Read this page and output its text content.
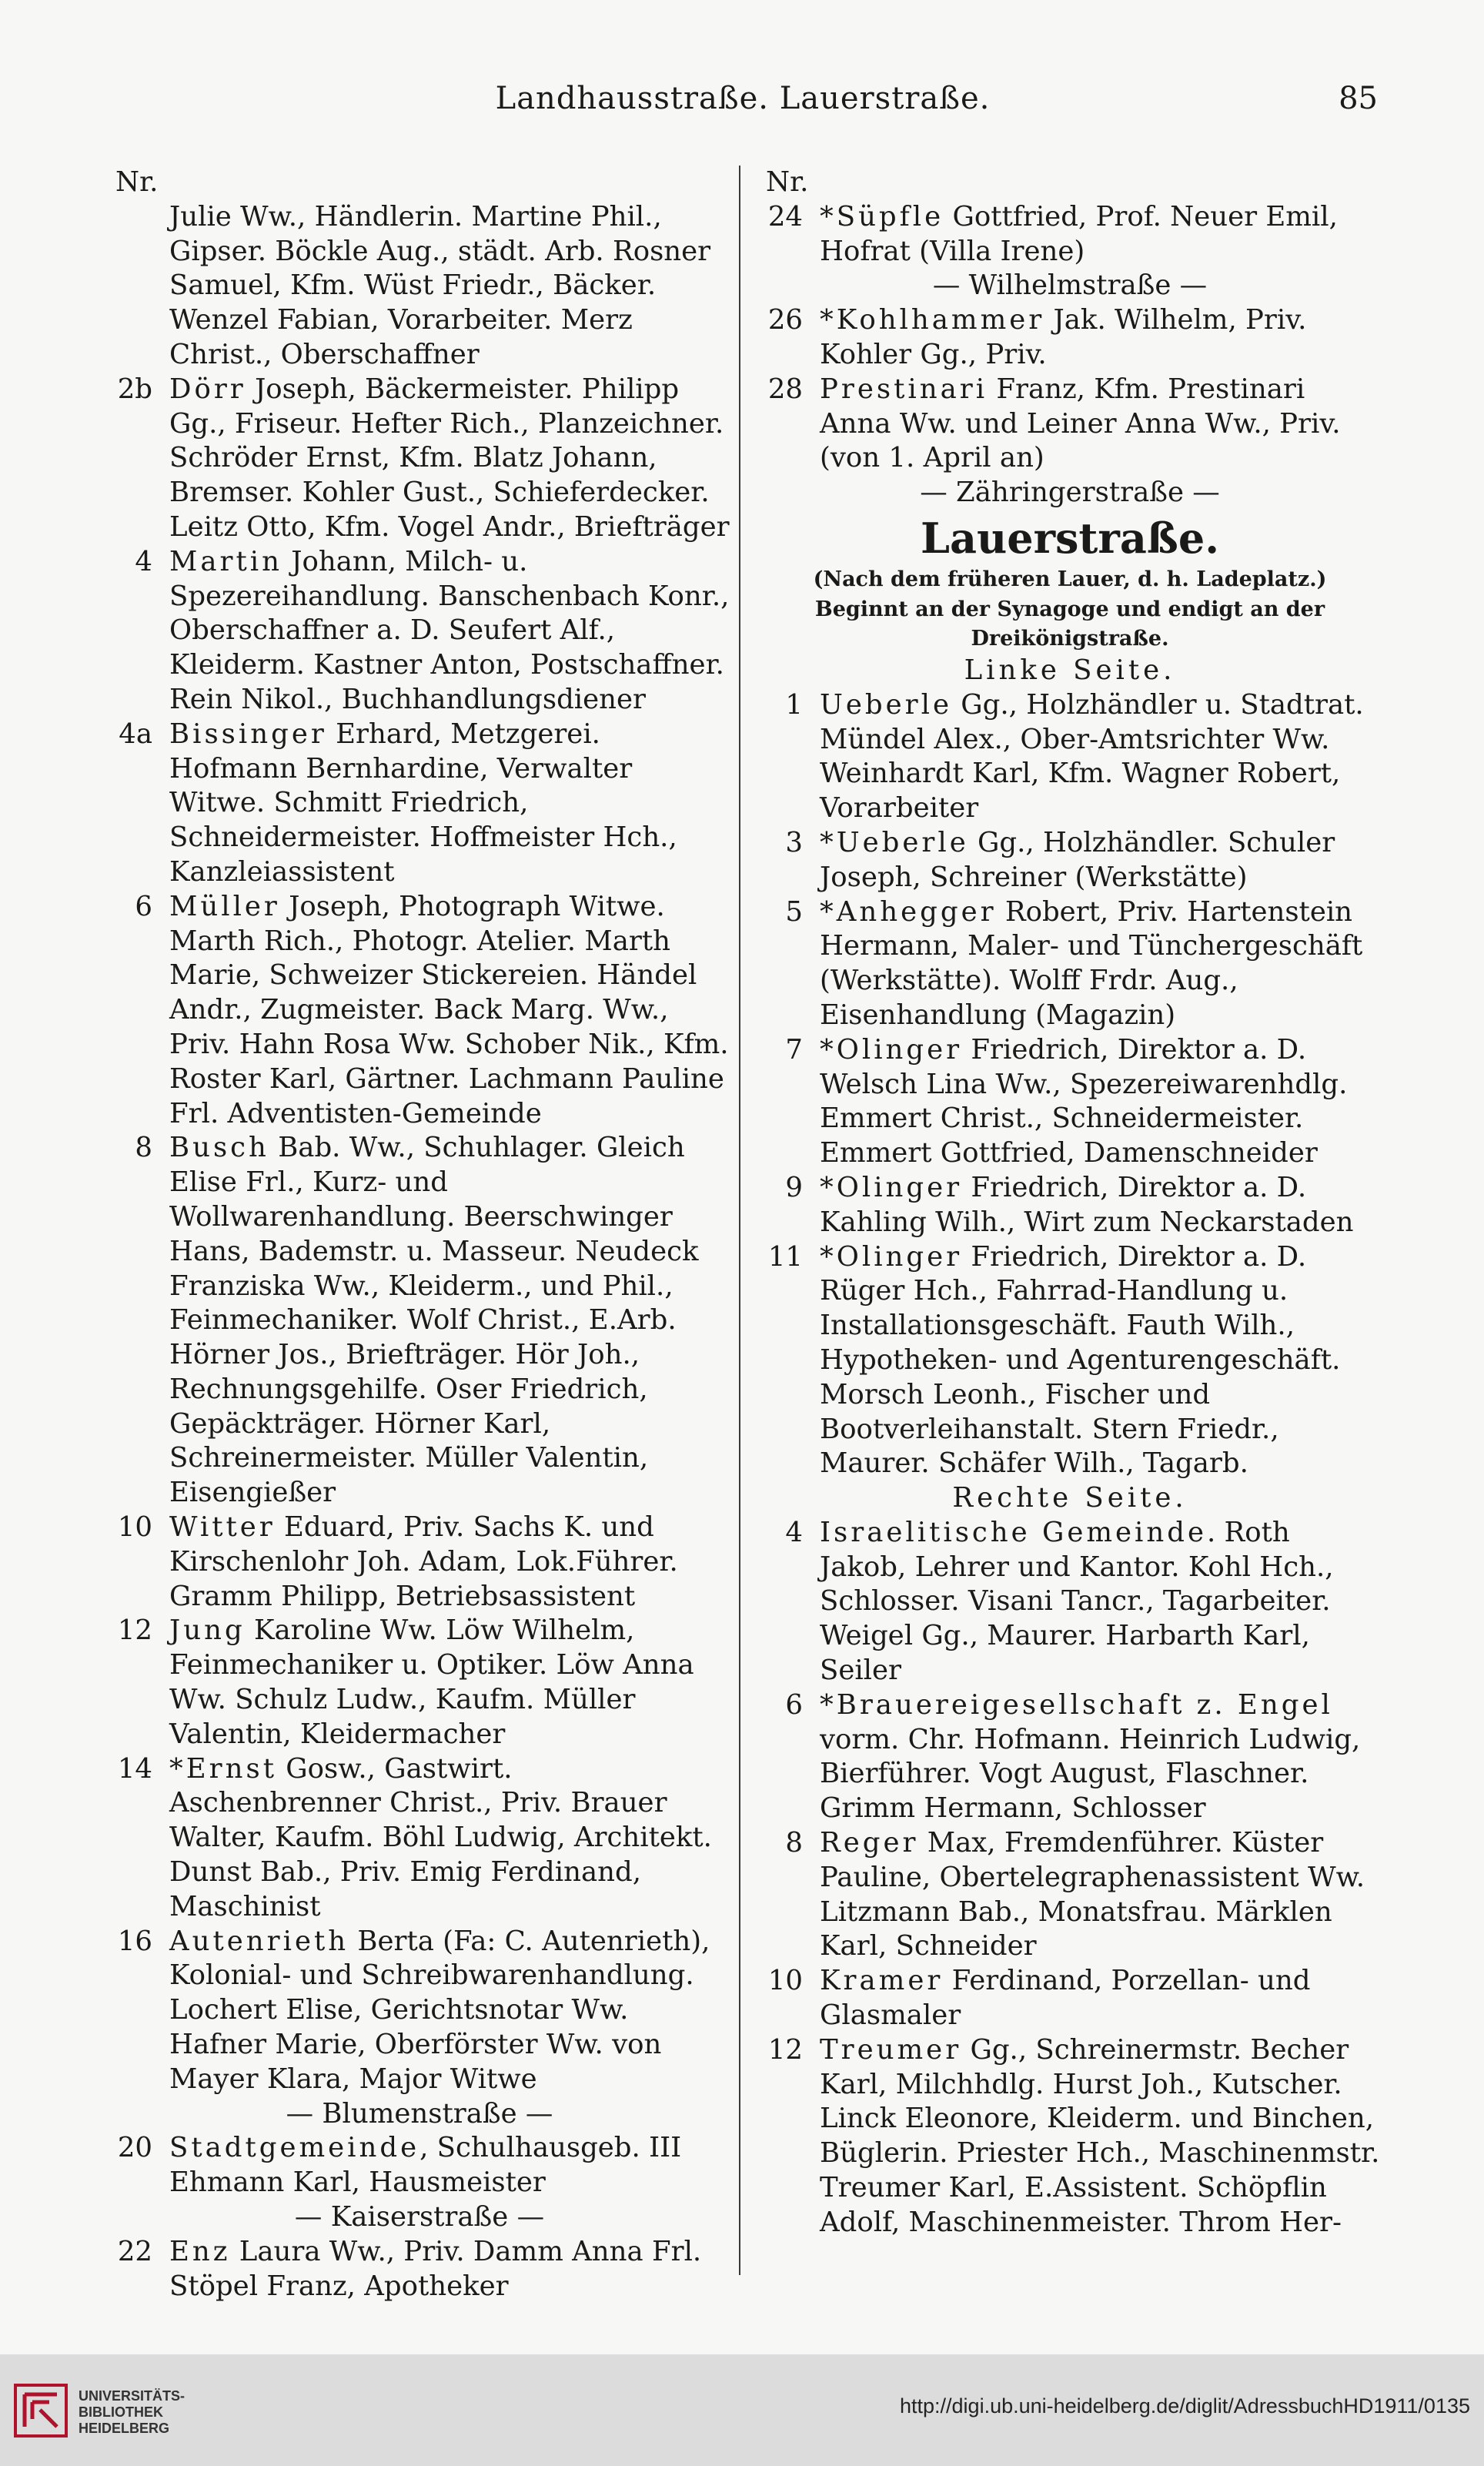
Landhausstraße. Lauerstraße.	85
Nr.
Julie Ww., Händlerin. Martine Phil., Gipser. Böckle Aug., städt. Arb. Rosner Samuel, Kfm. Wüst Friedr., Bäcker. Wenzel Fabian, Vorarbeiter. Merz Christ., Oberschaffner
2b Dörr Joseph, Bäckermeister. Philipp Gg., Friseur. Hefter Rich., Planzeichner. Schröder Ernst, Kfm. Blatz Johann, Bremser. Kohler Gust., Schieferdecker. Leitz Otto, Kfm. Vogel Andr., Briefträger
4 Martin Johann, Milch- u. Spezereihandlung. Banschenbach Konr., Oberschaffner a. D. Seufert Alf., Kleiderm. Kastner Anton, Postschaffner. Rein Nikol., Buchhandlungsdiener
4a Bissinger Erhard, Metzgerei. Hofmann Bernhardine, Verwalter Witwe. Schmitt Friedrich, Schneidermeister. Hoffmeister Hch., Kanzleiassistent
6 Müller Joseph, Photograph Witwe. Marth Rich., Photogr. Atelier. Marth Marie, Schweizer Stickereien. Händel Andr., Zugmeister. Back Marg. Ww., Priv. Hahn Rosa Ww. Schober Nik., Kfm. Roster Karl, Gärtner. Lachmann Pauline Frl. Adventisten-Gemeinde
8 Busch Bab. Ww., Schuhlager. Gleich Elise Frl., Kurz- und Wollwarenhandlung. Beerschwinger Hans, Bademstr. u. Masseur. Neudeck Franziska Ww., Kleiderm., und Phil., Feinmechaniker. Wolf Christ., E.Arb. Hörner Jos., Briefträger. Hör Joh., Rechnungsgehilfe. Oser Friedrich, Gepäckträger. Hörner Karl, Schreinermeister. Müller Valentin, Eisengießer
10 Witter Eduard, Priv. Sachs K. und Kirschenlohr Joh. Adam, Lok.Führer. Gramm Philipp, Betriebsassistent
12 Jung Karoline Ww. Löw Wilhelm, Feinmechaniker u. Optiker. Löw Anna Ww. Schulz Ludw., Kaufm. Müller Valentin, Kleidermacher
14 *Ernst Gosw., Gastwirt. Aschenbrenner Christ., Priv. Brauer Walter, Kaufm. Böhl Ludwig, Architekt. Dunst Bab., Priv. Emig Ferdinand, Maschinist
16 Autenrieth Berta (Fa: C. Autenrieth), Kolonial- und Schreibwarenhandlung. Lochert Elise, Gerichtsnotar Ww. Hafner Marie, Oberförster Ww. von Mayer Klara, Major Witwe
— Blumenstraße —
20 Stadtgemeinde, Schulhausgeb. III Ehmann Karl, Hausmeister
— Kaiserstraße —
22 Enz Laura Ww., Priv. Damm Anna Frl. Stöpel Franz, Apotheker
Nr.
24 *Süpfle Gottfried, Prof. Neuer Emil, Hofrat (Villa Irene)
— Wilhelmstraße —
26 *Kohlhammer Jak. Wilhelm, Priv. Kohler Gg., Priv.
28 Prestinari Franz, Kfm. Prestinari Anna Ww. und Leiner Anna Ww., Priv. (von 1. April an)
— Zähringerstraße —
Lauerstraße.
(Nach dem früheren Lauer, d. h. Ladeplatz.)
Beginnt an der Synagoge und endigt an der Dreikönigstraße.
Linke Seite.
1 Ueberle Gg., Holzhändler u. Stadtrat. Mündel Alex., Ober-Amtsrichter Ww. Weinhardt Karl, Kfm. Wagner Robert, Vorarbeiter
3 *Ueberle Gg., Holzhändler. Schuler Joseph, Schreiner (Werkstätte)
5 *Anhegger Robert, Priv. Hartenstein Hermann, Maler- und Tünchergeschäft (Werkstätte). Wolff Frdr. Aug., Eisenhandlung (Magazin)
7 *Olinger Friedrich, Direktor a. D. Welsch Lina Ww., Spezereiwarenhdlg. Emmert Christ., Schneidermeister. Emmert Gottfried, Damenschneider
9 *Olinger Friedrich, Direktor a. D. Kahling Wilh., Wirt zum Neckarstaden
11 *Olinger Friedrich, Direktor a. D. Rüger Hch., Fahrrad-Handlung u. Installationsgeschäft. Fauth Wilh., Hypotheken- und Agenturengeschäft. Morsch Leonh., Fischer und Bootverleihanstalt. Stern Friedr., Maurer. Schäfer Wilh., Tagarb.
Rechte Seite.
4 Israelitische Gemeinde. Roth Jakob, Lehrer und Kantor. Kohl Hch., Schlosser. Visani Tancr., Tagarbeiter. Weigel Gg., Maurer. Harbarth Karl, Seiler
6 *Brauereigesellschaft z. Engel vorm. Chr. Hofmann. Heinrich Ludwig, Bierführer. Vogt August, Flaschner. Grimm Hermann, Schlosser
8 Reger Max, Fremdenführer. Küster Pauline, Obertelegraphenassistent Ww. Litzmann Bab., Monatsfrau. Märklen Karl, Schneider
10 Kramer Ferdinand, Porzellan- und Glasmaler
12 Treumer Gg., Schreinermstr. Becher Karl, Milchhdlg. Hurst Joh., Kutscher. Linck Eleonore, Kleiderm. und Binchen, Büglerin. Priester Hch., Maschinenmstr. Treumer Karl, E.Assistent. Schöpflin Adolf, Maschinenmeister. Throm Her-
UNIVERSITÄTS-
BIBLIOTHEK
HEIDELBERG
http://digi.ub.uni-heidelberg.de/diglit/AdressbuchHD1911/0135
